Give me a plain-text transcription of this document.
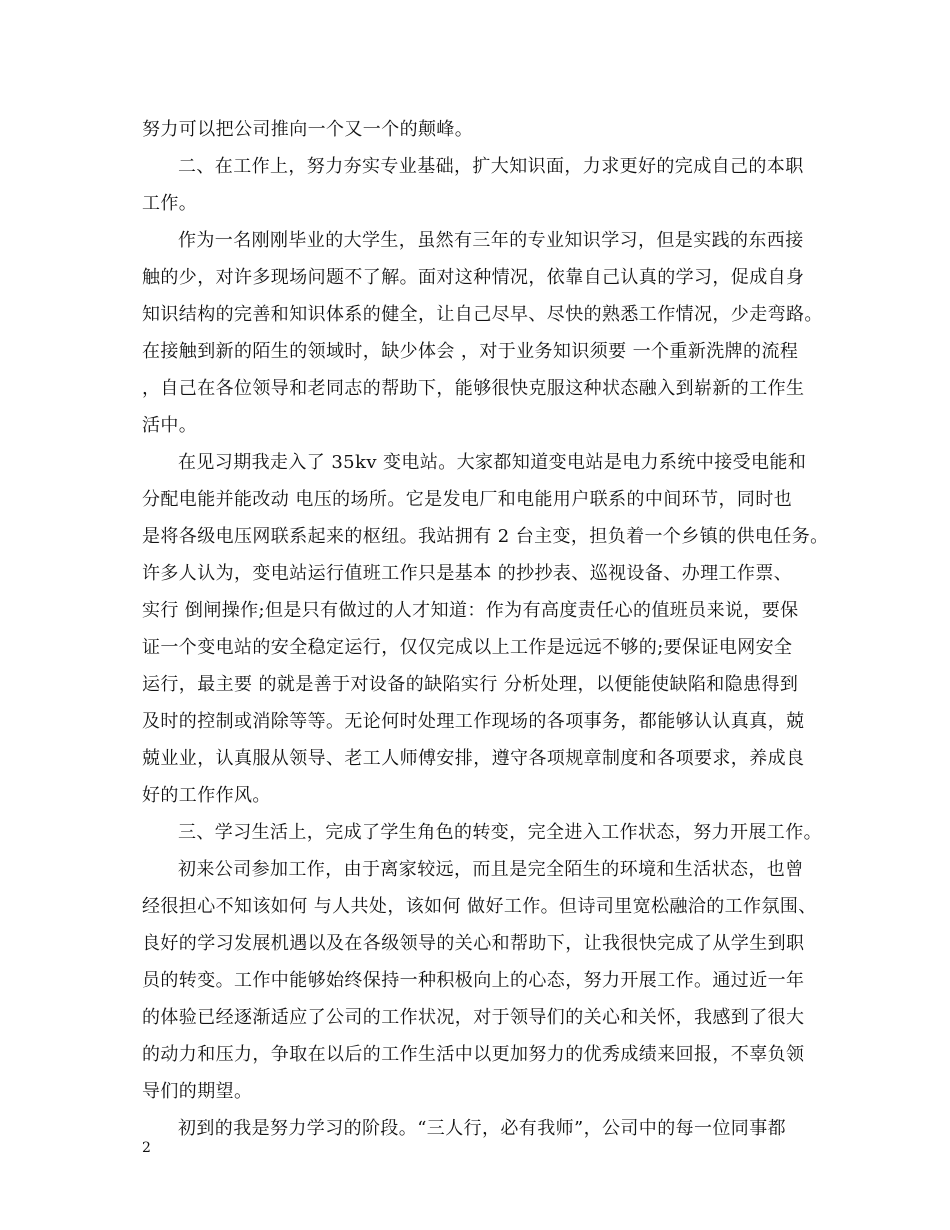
努力可以把公司推向一个又一个的颠峰。
二、在工作上，努力夯实专业基础，扩大知识面，力求更好的完成自己的本职
工作。
作为一名刚刚毕业的大学生，虽然有三年的专业知识学习，但是实践的东西接
触的少，对许多现场问题不了解。面对这种情况，依靠自己认真的学习，促成自身
知识结构的完善和知识体系的健全，让自己尽早、尽快的熟悉工作情况，少走弯路。
在接触到新的陌生的领域时，缺少体会 ，对于业务知识须要 一个重新洗牌的流程
，自己在各位领导和老同志的帮助下，能够很快克服这种状态融入到崭新的工作生
活中。
在见习期我走入了 35kv 变电站。大家都知道变电站是电力系统中接受电能和
分配电能并能改动 电压的场所。它是发电厂和电能用户联系的中间环节，同时也
是将各级电压网联系起来的枢纽。我站拥有 2 台主变，担负着一个乡镇的供电任务。
许多人认为，变电站运行值班工作只是基本 的抄抄表、巡视设备、办理工作票、
实行 倒闸操作;但是只有做过的人才知道：作为有高度责任心的值班员来说，要保
证一个变电站的安全稳定运行，仅仅完成以上工作是远远不够的;要保证电网安全
运行，最主要 的就是善于对设备的缺陷实行 分析处理，以便能使缺陷和隐患得到
及时的控制或消除等等。无论何时处理工作现场的各项事务，都能够认认真真，兢
兢业业，认真服从领导、老工人师傅安排，遵守各项规章制度和各项要求，养成良
好的工作作风。
三、学习生活上，完成了学生角色的转变，完全进入工作状态，努力开展工作。
初来公司参加工作，由于离家较远，而且是完全陌生的环境和生活状态，也曾
经很担心不知该如何 与人共处，该如何 做好工作。但诗司里宽松融洽的工作氛围、
良好的学习发展机遇以及在各级领导的关心和帮助下，让我很快完成了从学生到职
员的转变。工作中能够始终保持一种积极向上的心态，努力开展工作。通过近一年
的体验已经逐渐适应了公司的工作状况，对于领导们的关心和关怀，我感到了很大
的动力和压力，争取在以后的工作生活中以更加努力的优秀成绩来回报，不辜负领
导们的期望。
初到的我是努力学习的阶段。“三人行，必有我师”，公司中的每一位同事都
2
